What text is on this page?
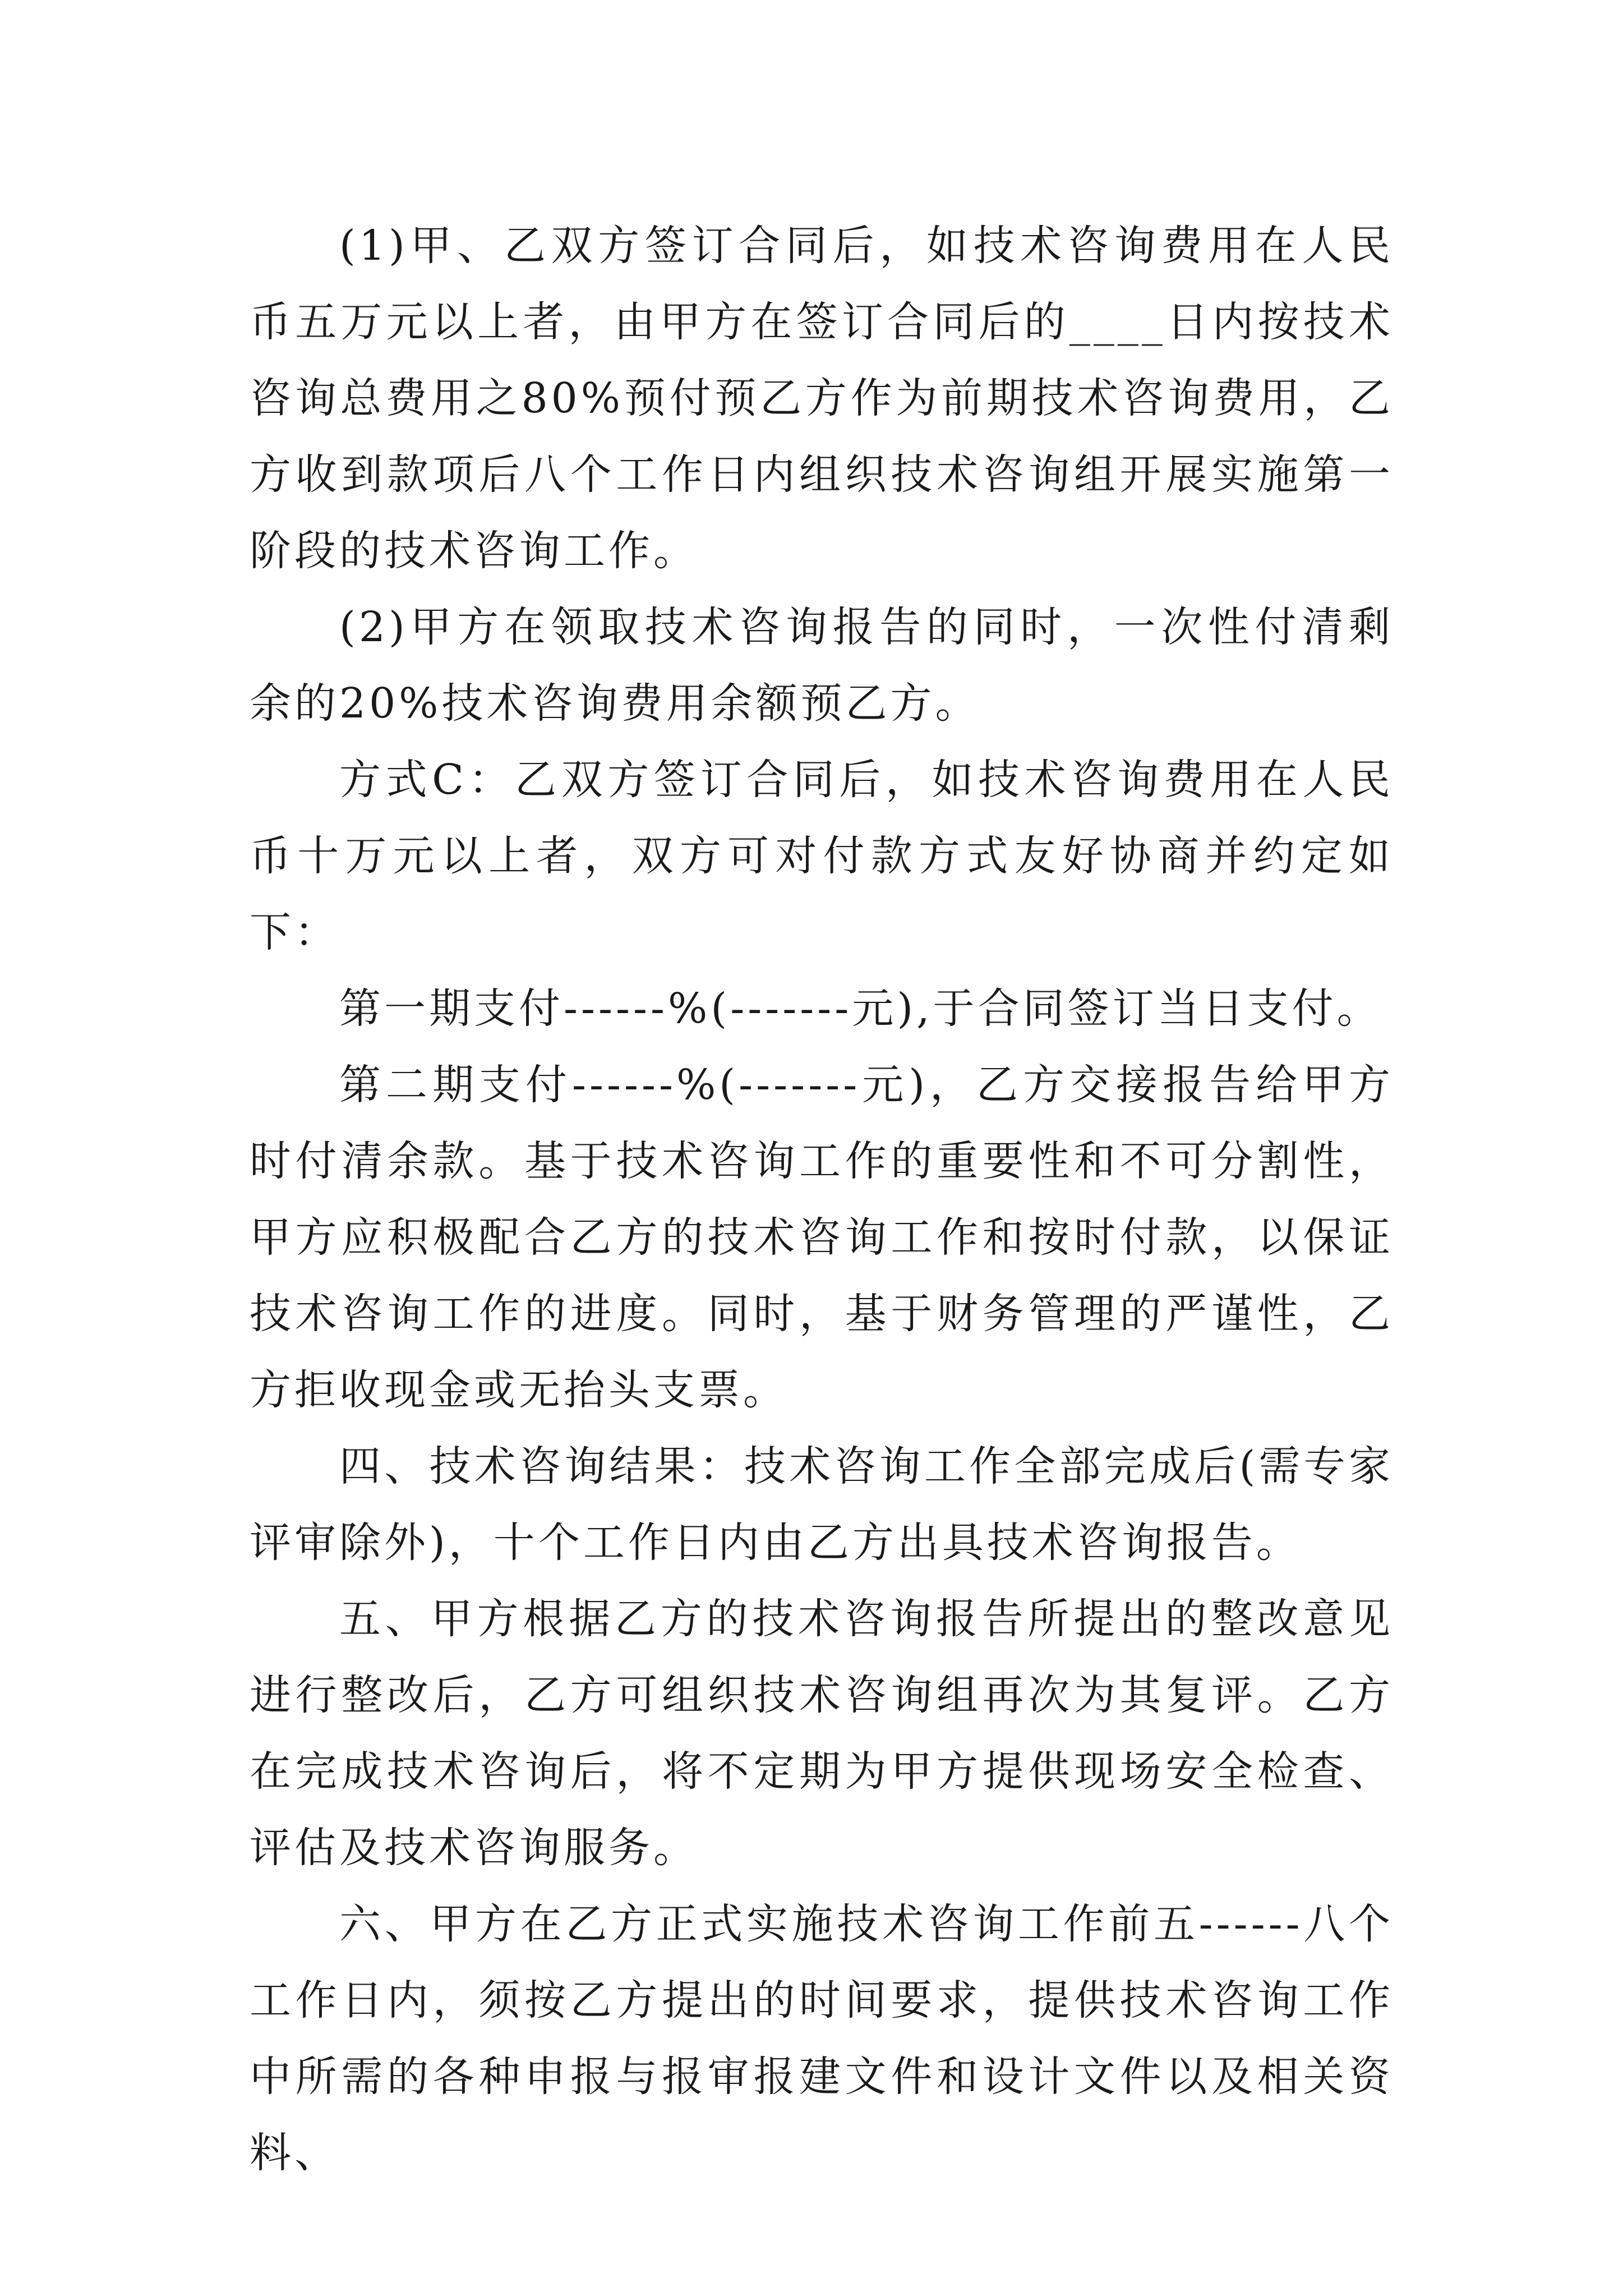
(1)甲、乙双方签订合同后，如技术咨询费用在人民币五万元以上者，由甲方在签订合同后的____日内按技术咨询总费用之80%预付预乙方作为前期技术咨询费用，乙方收到款项后八个工作日内组织技术咨询组开展实施第一阶段的技术咨询工作。

(2)甲方在领取技术咨询报告的同时，一次性付清剩余的20%技术咨询费用余额预乙方。

方式C：乙双方签订合同后，如技术咨询费用在人民币十万元以上者，双方可对付款方式友好协商并约定如下：

第一期支付------%(-------元),于合同签订当日支付。

第二期支付------%(-------元)，乙方交接报告给甲方时付清余款。基于技术咨询工作的重要性和不可分割性，甲方应积极配合乙方的技术咨询工作和按时付款，以保证技术咨询工作的进度。同时，基于财务管理的严谨性，乙方拒收现金或无抬头支票。

四、技术咨询结果：技术咨询工作全部完成后(需专家评审除外)，十个工作日内由乙方出具技术咨询报告。

五、甲方根据乙方的技术咨询报告所提出的整改意见进行整改后，乙方可组织技术咨询组再次为其复评。乙方在完成技术咨询后，将不定期为甲方提供现场安全检查、评估及技术咨询服务。

六、甲方在乙方正式实施技术咨询工作前五------八个工作日内，须按乙方提出的时间要求，提供技术咨询工作中所需的各种申报与报审报建文件和设计文件以及相关资料、
